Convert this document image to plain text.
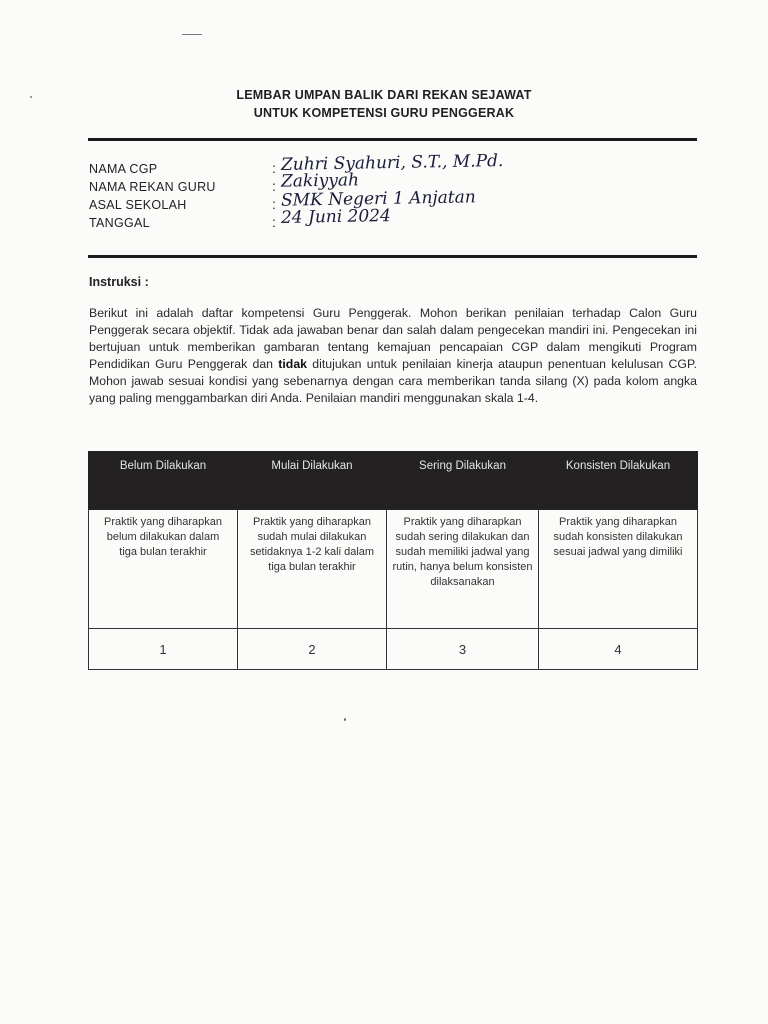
LEMBAR UMPAN BALIK DARI REKAN SEJAWAT
UNTUK KOMPETENSI GURU PENGGERAK
NAMA CGP	: Zuhri Syahuri, S.T., M.Pd.
NAMA REKAN GURU	: Zakiyyah
ASAL SEKOLAH	: SMK Negeri 1 Anjatan
TANGGAL	: 24 Juni 2024
Instruksi :
Berikut ini adalah daftar kompetensi Guru Penggerak. Mohon berikan penilaian terhadap Calon Guru Penggerak secara objektif. Tidak ada jawaban benar dan salah dalam pengecekan mandiri ini. Pengecekan ini bertujuan untuk memberikan gambaran tentang kemajuan pencapaian CGP dalam mengikuti Program Pendidikan Guru Penggerak dan tidak ditujukan untuk penilaian kinerja ataupun penentuan kelulusan CGP. Mohon jawab sesuai kondisi yang sebenarnya dengan cara memberikan tanda silang (X) pada kolom angka yang paling menggambarkan diri Anda. Penilaian mandiri menggunakan skala 1-4.
Belum Dilakukan	Mulai Dilakukan	Sering Dilakukan	Konsisten Dilakukan
Praktik yang diharapkan belum dilakukan dalam tiga bulan terakhir	Praktik yang diharapkan sudah mulai dilakukan setidaknya 1-2 kali dalam tiga bulan terakhir	Praktik yang diharapkan sudah sering dilakukan dan sudah memiliki jadwal yang rutin, hanya belum konsisten dilaksanakan	Praktik yang diharapkan sudah konsisten dilakukan sesuai jadwal yang dimiliki
1	2	3	4
